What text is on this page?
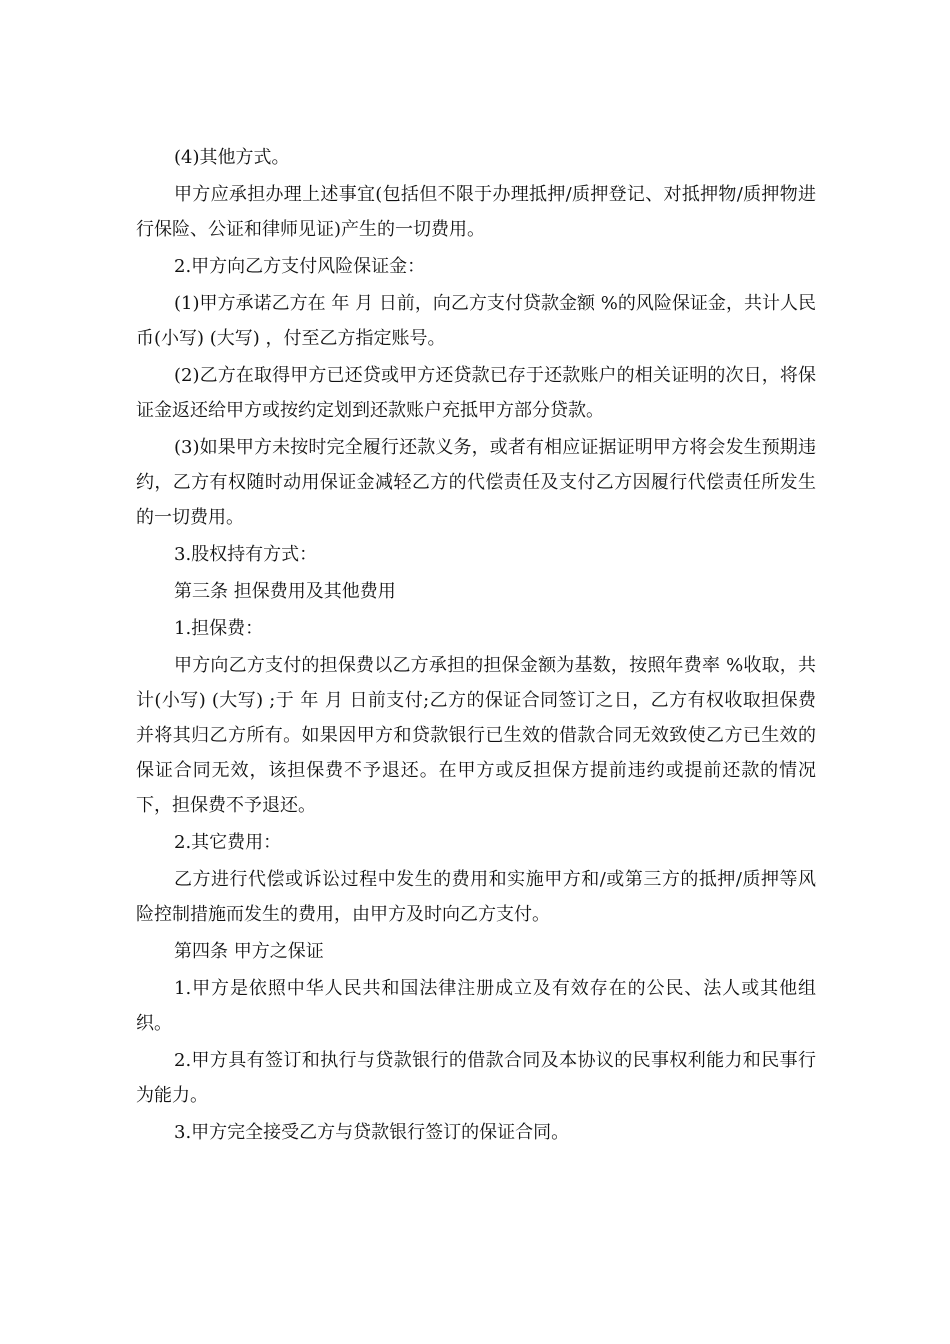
(4)其他方式。

甲方应承担办理上述事宜(包括但不限于办理抵押/质押登记、对抵押物/质押物进行保险、公证和律师见证)产生的一切费用。

2.甲方向乙方支付风险保证金：

(1)甲方承诺乙方在 年 月 日前，向乙方支付贷款金额 %的风险保证金，共计人民币(小写) (大写) ，付至乙方指定账号。

(2)乙方在取得甲方已还贷或甲方还贷款已存于还款账户的相关证明的次日，将保证金返还给甲方或按约定划到还款账户充抵甲方部分贷款。

(3)如果甲方未按时完全履行还款义务，或者有相应证据证明甲方将会发生预期违约，乙方有权随时动用保证金减轻乙方的代偿责任及支付乙方因履行代偿责任所发生的一切费用。

3.股权持有方式：

第三条 担保费用及其他费用

1.担保费：

甲方向乙方支付的担保费以乙方承担的担保金额为基数，按照年费率 %收取，共计(小写) (大写) ;于 年 月 日前支付;乙方的保证合同签订之日，乙方有权收取担保费并将其归乙方所有。如果因甲方和贷款银行已生效的借款合同无效致使乙方已生效的保证合同无效，该担保费不予退还。在甲方或反担保方提前违约或提前还款的情况下，担保费不予退还。

2.其它费用：

乙方进行代偿或诉讼过程中发生的费用和实施甲方和/或第三方的抵押/质押等风险控制措施而发生的费用，由甲方及时向乙方支付。

第四条 甲方之保证

1.甲方是依照中华人民共和国法律注册成立及有效存在的公民、法人或其他组织。

2.甲方具有签订和执行与贷款银行的借款合同及本协议的民事权利能力和民事行为能力。

3.甲方完全接受乙方与贷款银行签订的保证合同。
